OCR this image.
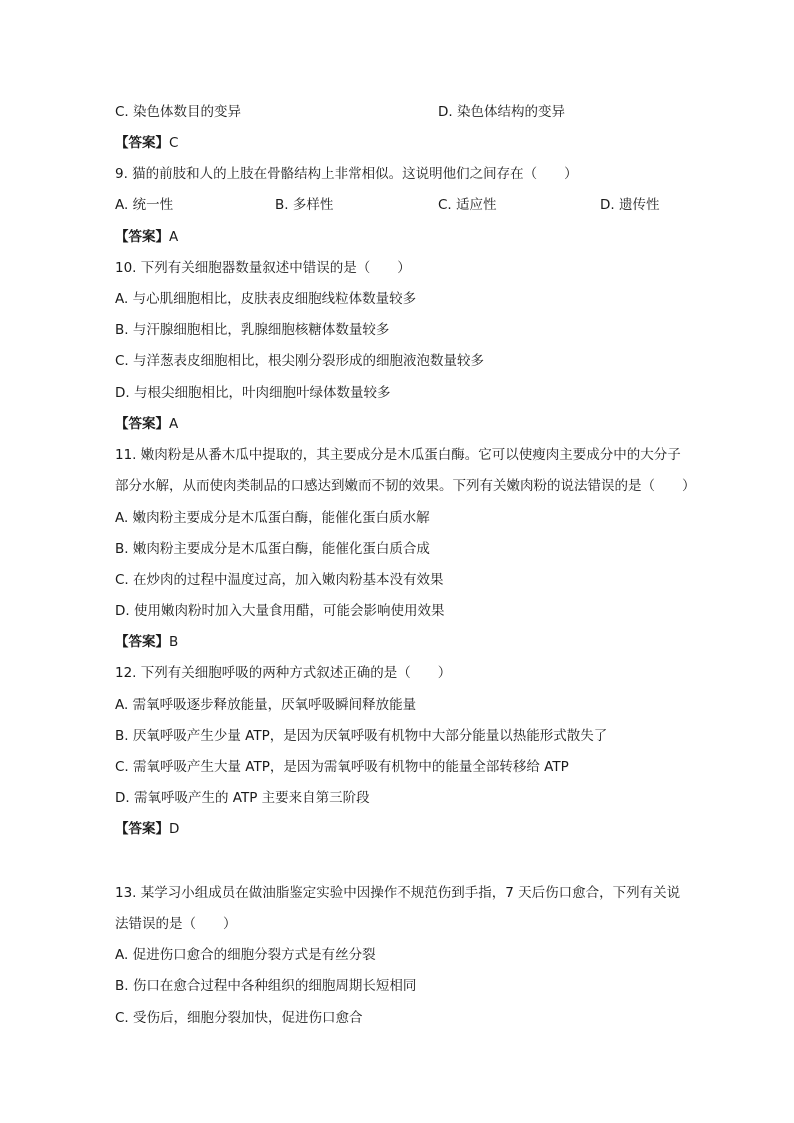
C. 染色体数目的变异	D. 染色体结构的变异
【答案】C
9. 猫的前肢和人的上肢在骨骼结构上非常相似。这说明他们之间存在（　　）
A. 统一性	B. 多样性	C. 适应性	D. 遗传性
【答案】A
10. 下列有关细胞器数量叙述中错误的是（　　）
A. 与心肌细胞相比，皮肤表皮细胞线粒体数量较多
B. 与汗腺细胞相比，乳腺细胞核糖体数量较多
C. 与洋葱表皮细胞相比，根尖刚分裂形成的细胞液泡数量较多
D. 与根尖细胞相比，叶肉细胞叶绿体数量较多
【答案】A
11. 嫩肉粉是从番木瓜中提取的，其主要成分是木瓜蛋白酶。它可以使瘦肉主要成分中的大分子
部分水解，从而使肉类制品的口感达到嫩而不韧的效果。下列有关嫩肉粉的说法错误的是（　　）
A. 嫩肉粉主要成分是木瓜蛋白酶，能催化蛋白质水解
B. 嫩肉粉主要成分是木瓜蛋白酶，能催化蛋白质合成
C. 在炒肉的过程中温度过高，加入嫩肉粉基本没有效果
D. 使用嫩肉粉时加入大量食用醋，可能会影响使用效果
【答案】B
12. 下列有关细胞呼吸的两种方式叙述正确的是（　　）
A. 需氧呼吸逐步释放能量，厌氧呼吸瞬间释放能量
B. 厌氧呼吸产生少量 ATP，是因为厌氧呼吸有机物中大部分能量以热能形式散失了
C. 需氧呼吸产生大量 ATP，是因为需氧呼吸有机物中的能量全部转移给 ATP
D. 需氧呼吸产生的 ATP 主要来自第三阶段
【答案】D
13. 某学习小组成员在做油脂鉴定实验中因操作不规范伤到手指，7 天后伤口愈合，下列有关说
法错误的是（　　）
A. 促进伤口愈合的细胞分裂方式是有丝分裂
B. 伤口在愈合过程中各种组织的细胞周期长短相同
C. 受伤后，细胞分裂加快，促进伤口愈合
